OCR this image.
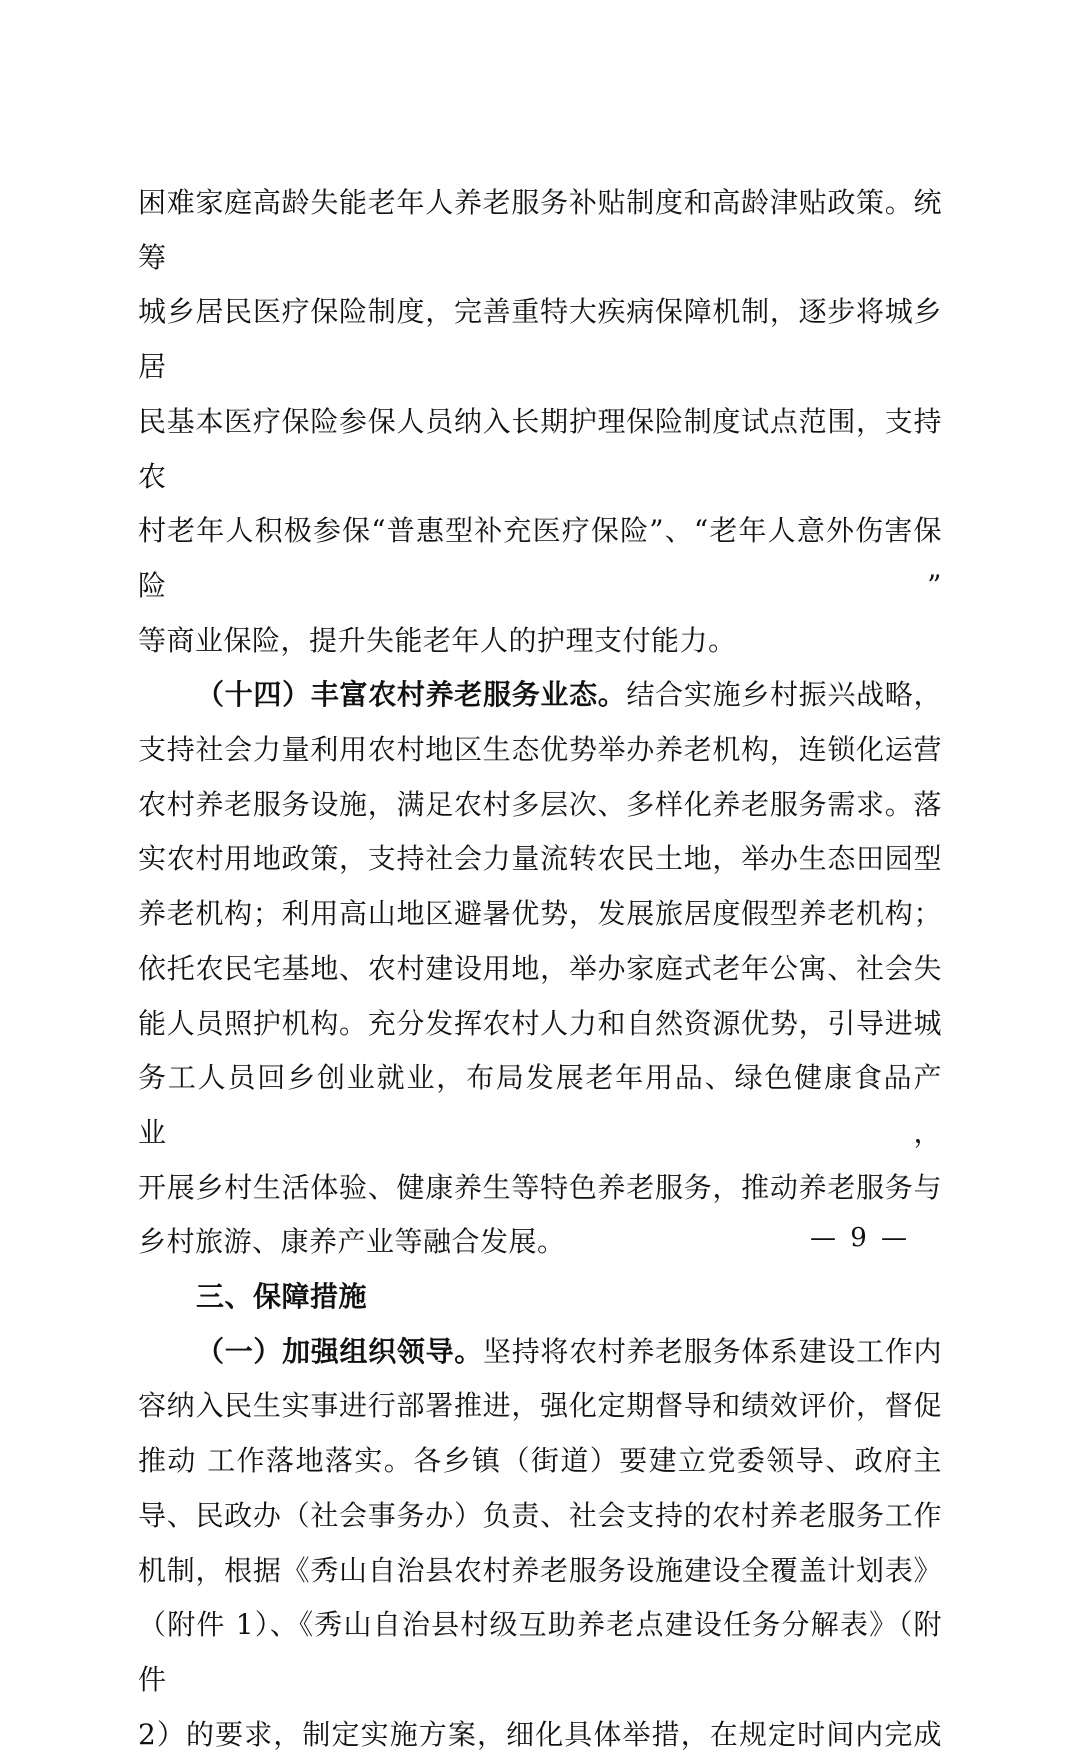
困难家庭高龄失能老年人养老服务补贴制度和高龄津贴政策。统筹

城乡居民医疗保险制度，完善重特大疾病保障机制，逐步将城乡居

民基本医疗保险参保人员纳入长期护理保险制度试点范围，支持农

村老年人积极参保“普惠型补充医疗保险”、“老年人意外伤害保险”

等商业保险，提升失能老年人的护理支付能力。

（十四）丰富农村养老服务业态。结合实施乡村振兴战略，

支持社会力量利用农村地区生态优势举办养老机构，连锁化运营

农村养老服务设施，满足农村多层次、多样化养老服务需求。落

实农村用地政策，支持社会力量流转农民土地，举办生态田园型

养老机构；利用高山地区避暑优势，发展旅居度假型养老机构；

依托农民宅基地、农村建设用地，举办家庭式老年公寓、社会失

能人员照护机构。充分发挥农村人力和自然资源优势，引导进城

务工人员回乡创业就业，布局发展老年用品、绿色健康食品产业，

开展乡村生活体验、健康养生等特色养老服务，推动养老服务与

乡村旅游、康养产业等融合发展。

三、保障措施

（一）加强组织领导。坚持将农村养老服务体系建设工作内

容纳入民生实事进行部署推进，强化定期督导和绩效评价，督促

推动 工作落地落实。各乡镇（街道）要建立党委领导、政府主

导、民政办（社会事务办）负责、社会支持的农村养老服务工作

机制，根据《秀山自治县农村养老服务设施建设全覆盖计划表》

（附件 1）、《秀山自治县村级互助养老点建设任务分解表》（附件

2）的要求，制定实施方案，细化具体举措，在规定时间内完成

— 9 —
